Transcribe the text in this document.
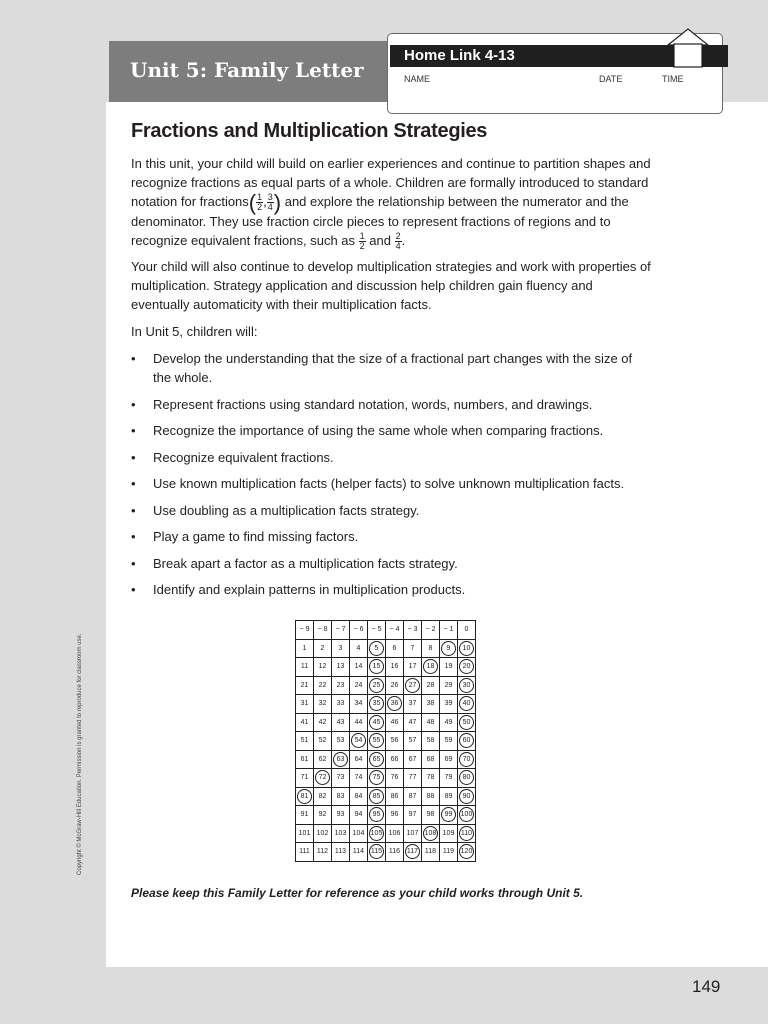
Unit 5: Family Letter
Home Link 4-13
NAME	DATE	TIME
Fractions and Multiplication Strategies

In this unit, your child will build on earlier experiences and continue to partition shapes and recognize fractions as equal parts of a whole. Children are formally introduced to standard notation for fractions( $\frac{1}{2}$ , $\frac{3}{4}$ ) and explore the relationship between the numerator and the denominator. They use fraction circle pieces to represent fractions of regions and to recognize equivalent fractions, such as $\frac{1}{2}$ and $\frac{2}{4}$ .

Your child will also continue to develop multiplication strategies and work with properties of multiplication. Strategy application and discussion help children gain fluency and eventually automaticity with their multiplication facts.

In Unit 5, children will:

• Develop the understanding that the size of a fractional part changes with the size of the whole.
• Represent fractions using standard notation, words, numbers, and drawings.
• Recognize the importance of using the same whole when comparing fractions.
• Recognize equivalent fractions.
• Use known multiplication facts (helper facts) to solve unknown multiplication facts.
• Use doubling as a multiplication facts strategy.
• Play a game to find missing factors.
• Break apart a factor as a multiplication facts strategy.
• Identify and explain patterns in multiplication products.
− 9	− 8	− 7	− 6	− 5	− 4	− 3	− 2	− 1	0
1	2	3	4	5	6	7	8	9	10

11	12	13	14	15	16	17	18	19	20

21	22	23	24	25	26	27	28	29	30

31	32	33	34	35	36	37	38	39	40

41	42	43	44	45	46	47	48	49	50

51	52	53	54	55	56	57	58	59	60

61	62	63	64	65	66	67	68	69	70

71	72	73	74	75	76	77	78	79	80

81	82	83	84	85	86	87	88	89	90

91	92	93	94	95	96	97	98	99	100

101	102	103	104	105	106	107	108	109	110

111	112	113	114	115	116	117	118	119	120
Please keep this Family Letter for reference as your child works through Unit 5.
Copyright © McGraw-Hill Education. Permission is granted to reproduce for classroom use.
149
